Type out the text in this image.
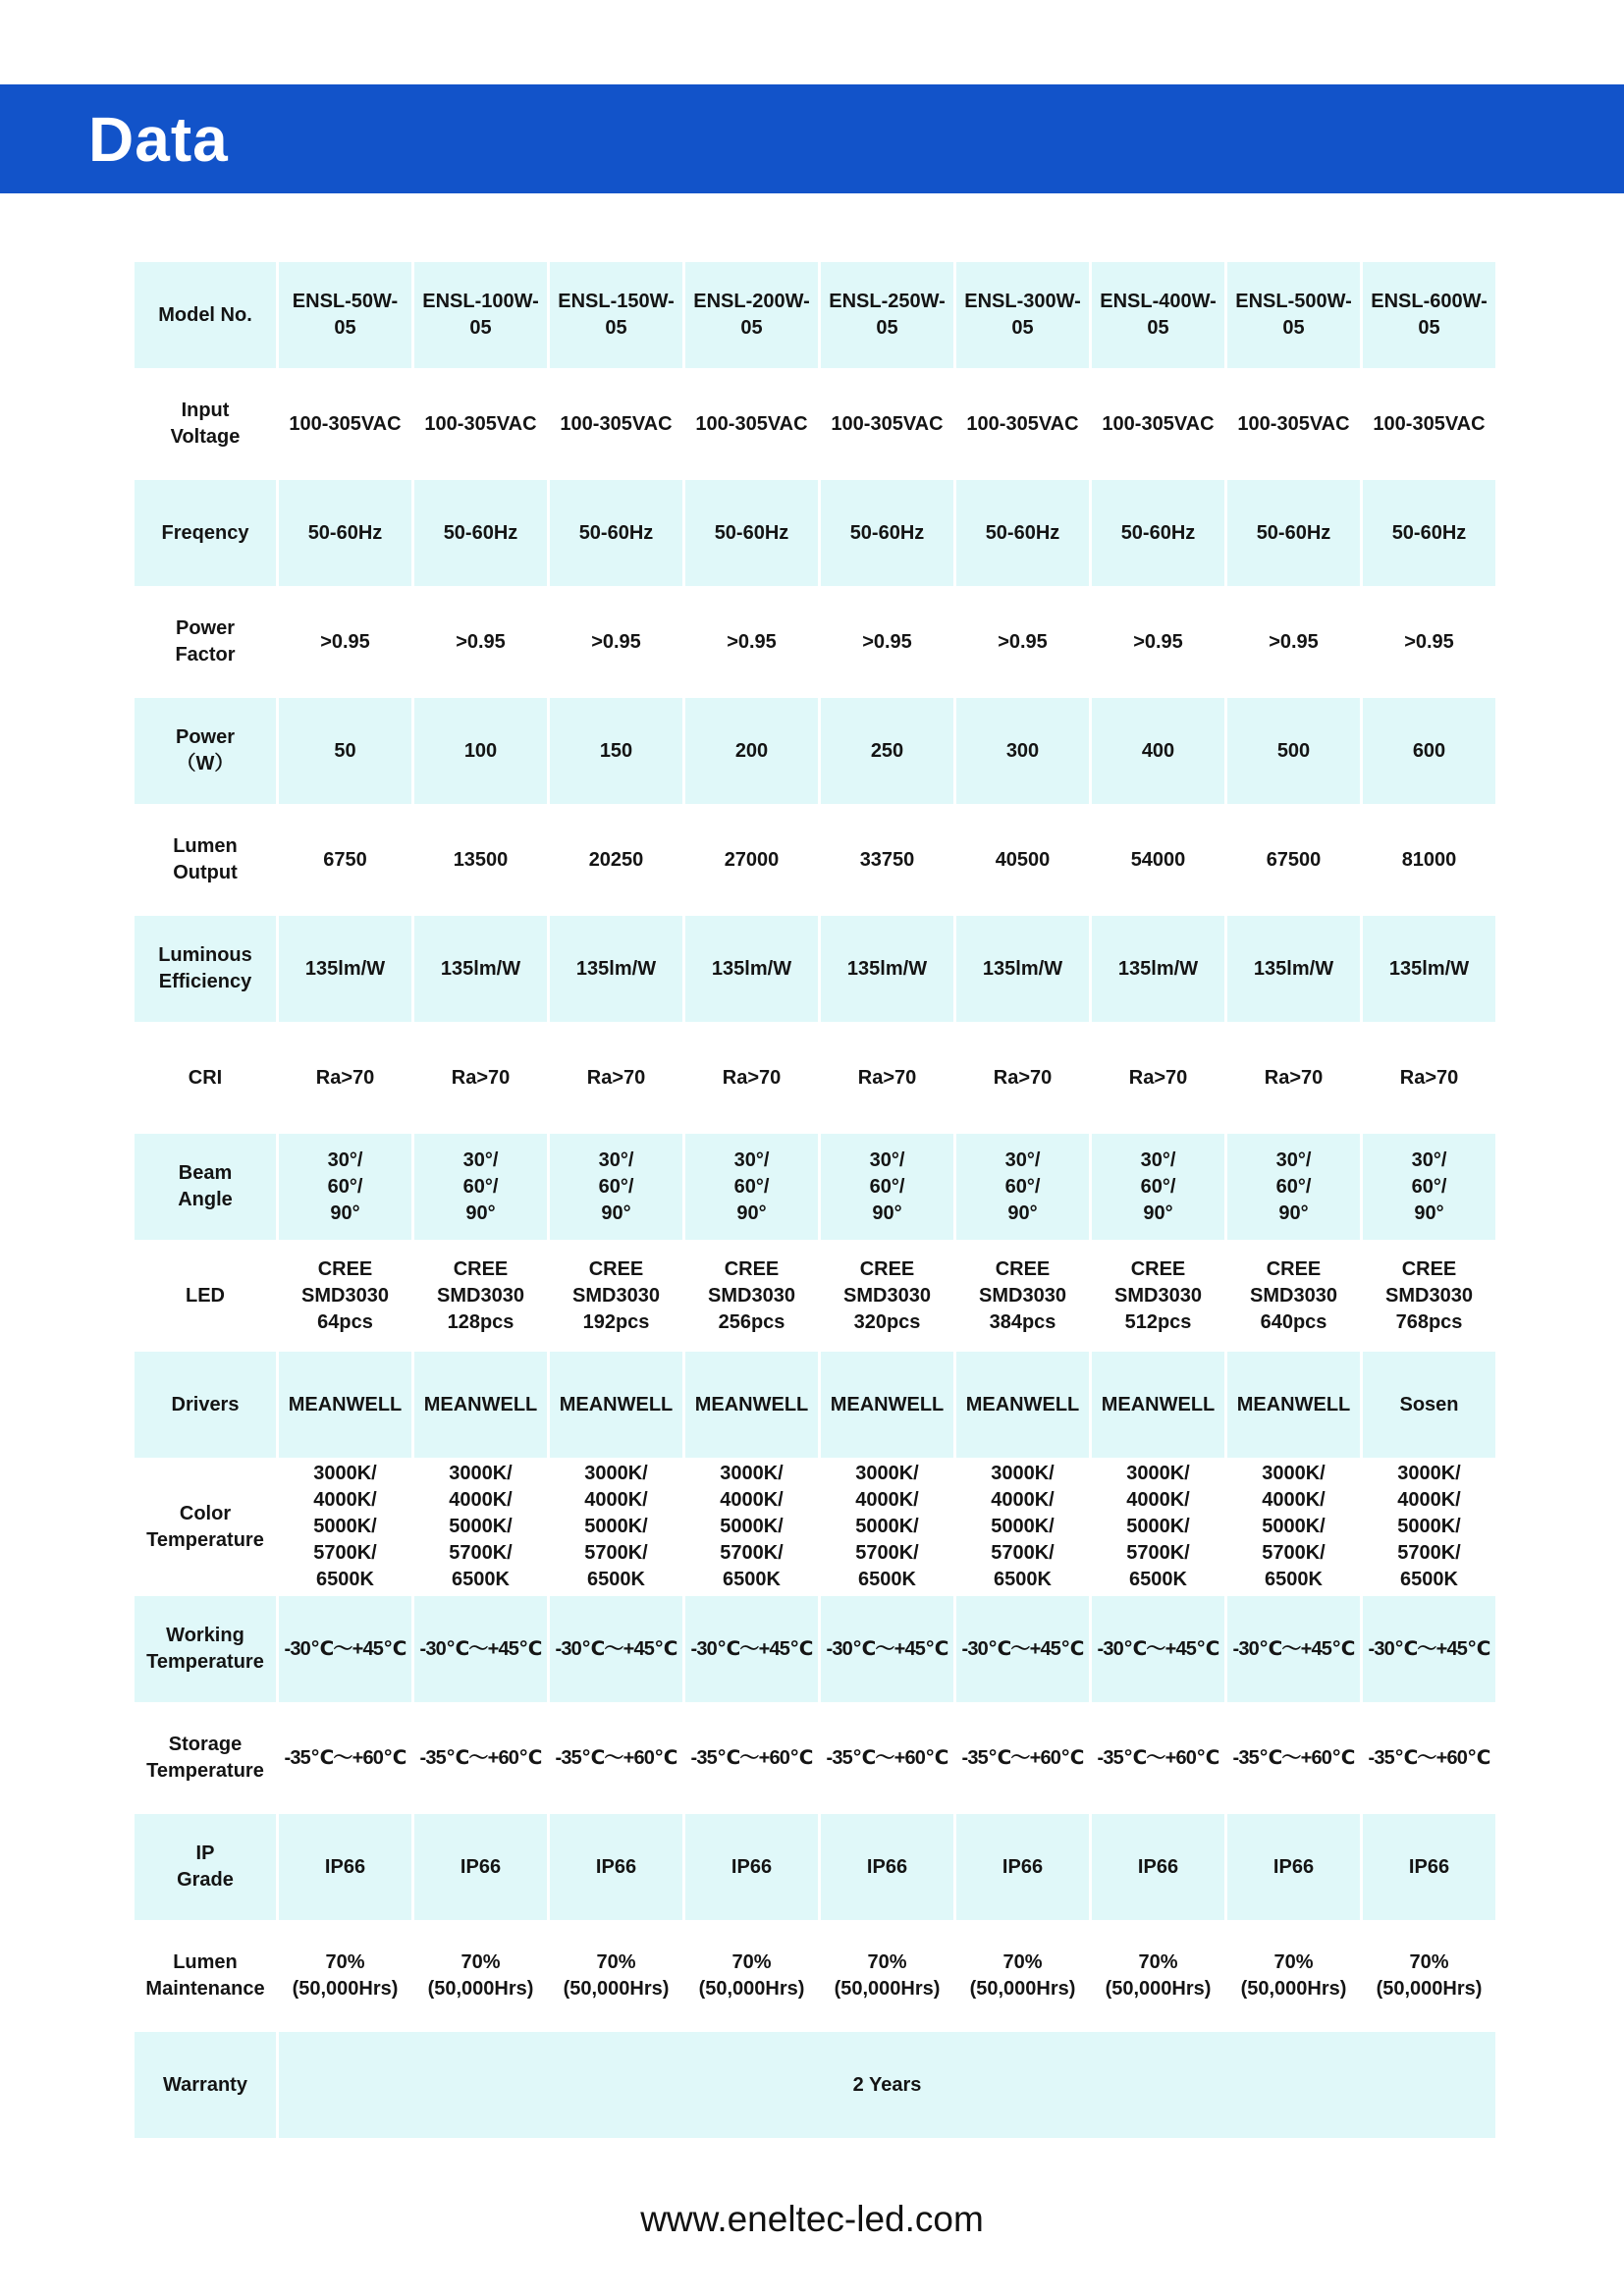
Data
Model No.	ENSL-50W-
05	ENSL-100W-
05	ENSL-150W-
05	ENSL-200W-
05	ENSL-250W-
05	ENSL-300W-
05	ENSL-400W-
05	ENSL-500W-
05	ENSL-600W-
05
Input
Voltage	100-305VAC	100-305VAC	100-305VAC	100-305VAC	100-305VAC	100-305VAC	100-305VAC	100-305VAC	100-305VAC
Freqency	50-60Hz	50-60Hz	50-60Hz	50-60Hz	50-60Hz	50-60Hz	50-60Hz	50-60Hz	50-60Hz
Power
Factor	>0.95	>0.95	>0.95	>0.95	>0.95	>0.95	>0.95	>0.95	>0.95
Power
（W）	50	100	150	200	250	300	400	500	600
Lumen
Output	6750	13500	20250	27000	33750	40500	54000	67500	81000
Luminous
Efficiency	135lm/W	135lm/W	135lm/W	135lm/W	135lm/W	135lm/W	135lm/W	135lm/W	135lm/W
CRI	Ra>70	Ra>70	Ra>70	Ra>70	Ra>70	Ra>70	Ra>70	Ra>70	Ra>70
Beam
Angle	30°/
60°/
90°	30°/
60°/
90°	30°/
60°/
90°	30°/
60°/
90°	30°/
60°/
90°	30°/
60°/
90°	30°/
60°/
90°	30°/
60°/
90°	30°/
60°/
90°
LED	CREE
SMD3030
64pcs	CREE
SMD3030
128pcs	CREE
SMD3030
192pcs	CREE
SMD3030
256pcs	CREE
SMD3030
320pcs	CREE
SMD3030
384pcs	CREE
SMD3030
512pcs	CREE
SMD3030
640pcs	CREE
SMD3030
768pcs
Drivers	MEANWELL	MEANWELL	MEANWELL	MEANWELL	MEANWELL	MEANWELL	MEANWELL	MEANWELL	Sosen
Color
Temperature	3000K/
4000K/
5000K/
5700K/
6500K	3000K/
4000K/
5000K/
5700K/
6500K	3000K/
4000K/
5000K/
5700K/
6500K	3000K/
4000K/
5000K/
5700K/
6500K	3000K/
4000K/
5000K/
5700K/
6500K	3000K/
4000K/
5000K/
5700K/
6500K	3000K/
4000K/
5000K/
5700K/
6500K	3000K/
4000K/
5000K/
5700K/
6500K	3000K/
4000K/
5000K/
5700K/
6500K
Working
Temperature	-30℃～+45℃	-30℃～+45℃	-30℃～+45℃	-30℃～+45℃	-30℃～+45℃	-30℃～+45℃	-30℃～+45℃	-30℃～+45℃	-30℃～+45℃
Storage
Temperature	-35℃～+60℃	-35℃～+60℃	-35℃～+60℃	-35℃～+60℃	-35℃～+60℃	-35℃～+60℃	-35℃～+60℃	-35℃～+60℃	-35℃～+60℃
IP
Grade	IP66	IP66	IP66	IP66	IP66	IP66	IP66	IP66	IP66
Lumen
Maintenance	70%
(50,000Hrs)	70%
(50,000Hrs)	70%
(50,000Hrs)	70%
(50,000Hrs)	70%
(50,000Hrs)	70%
(50,000Hrs)	70%
(50,000Hrs)	70%
(50,000Hrs)	70%
(50,000Hrs)
Warranty	2 Years								
www.eneltec-led.com
